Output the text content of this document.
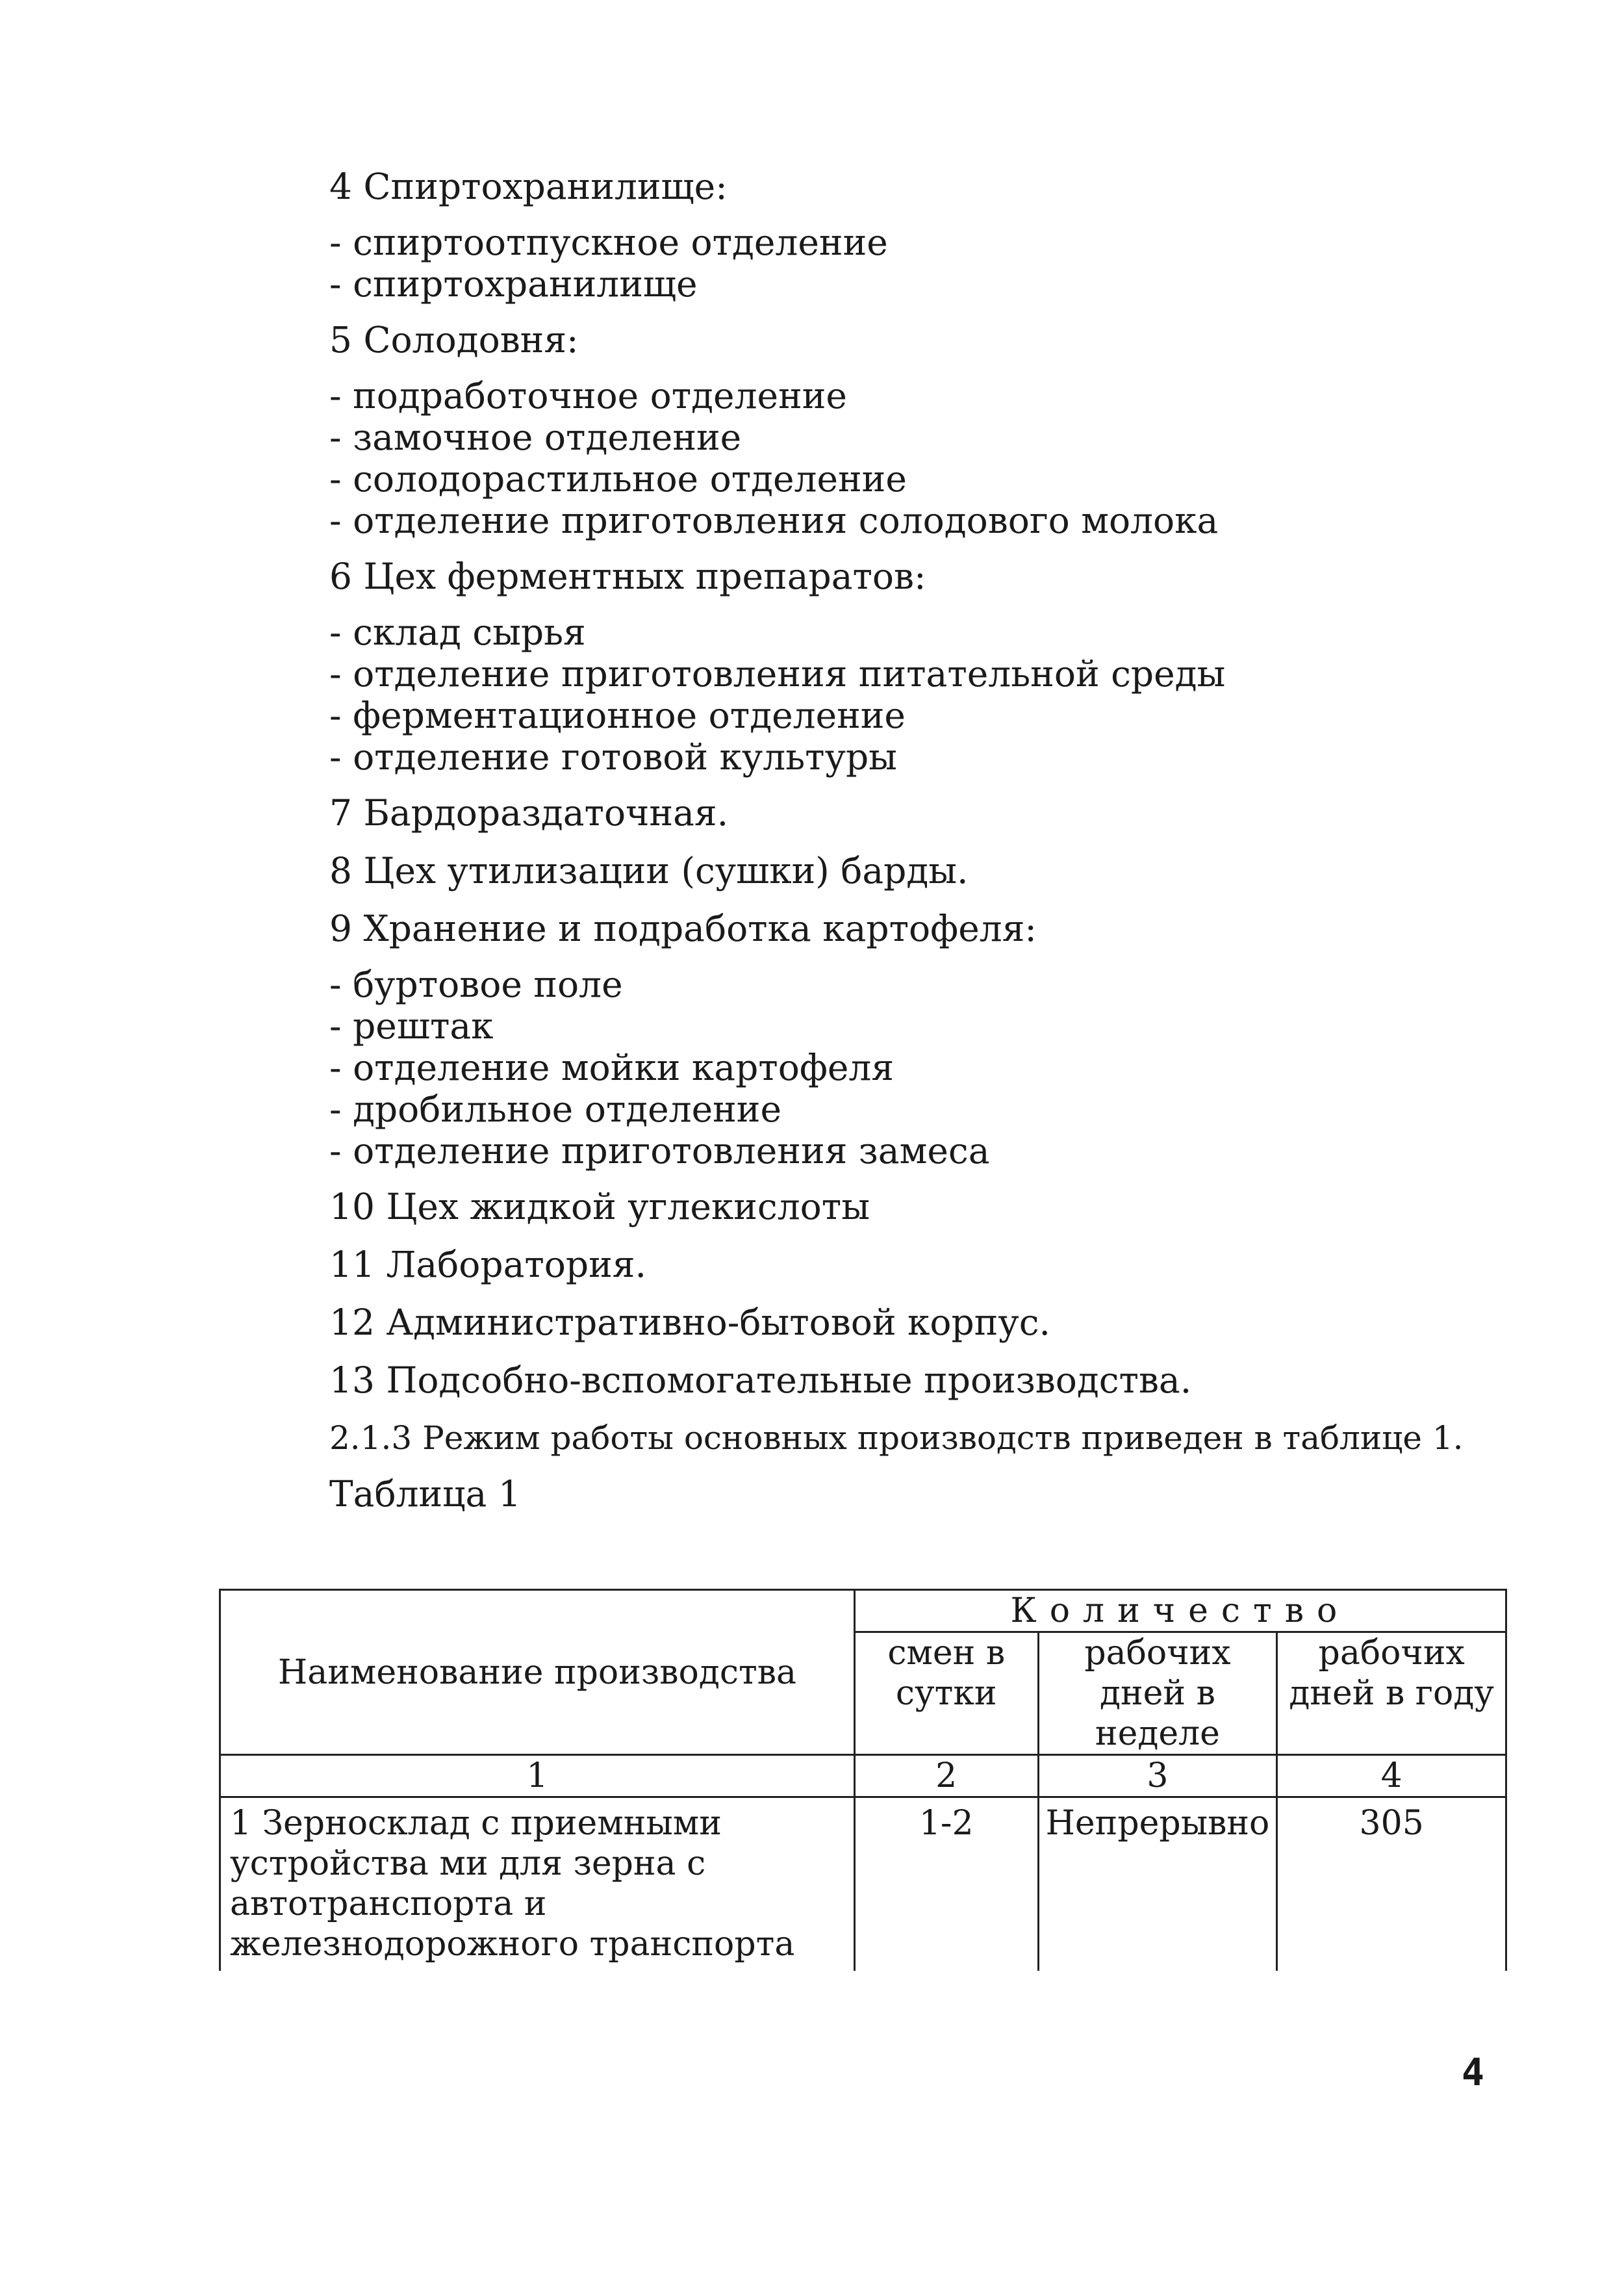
4 Спиртохранилище:

- спиртоотпускное отделение

- спиртохранилище

5 Солодовня:

- подработочное отделение

- замочное отделение

- солодорастильное отделение

- отделение приготовления солодового молока

6 Цех ферментных препаратов:

- склад сырья

- отделение приготовления питательной среды

- ферментационное отделение

- отделение готовой культуры

7 Бардораздаточная.

8 Цех утилизации (сушки) барды.

9 Хранение и подработка картофеля:

- буртовое поле

- рештак

- отделение мойки картофеля

- дробильное отделение

- отделение приготовления замеса

10 Цех жидкой углекислоты

11 Лаборатория.

12 Административно-бытовой корпус.

13 Подсобно-вспомогательные производства.

2.1.3 Режим работы основных производств приведен в таблице 1.

Таблица 1

Наименование производства	Количество		
	смен в сутки	рабочих дней в неделе	рабочих дней в году
1	2	3	4
1 Зерносклад с приемными устройства ми для зерна с автотранспорта и железнодорожного транспорта	1-2	Непрерывно	305
4
